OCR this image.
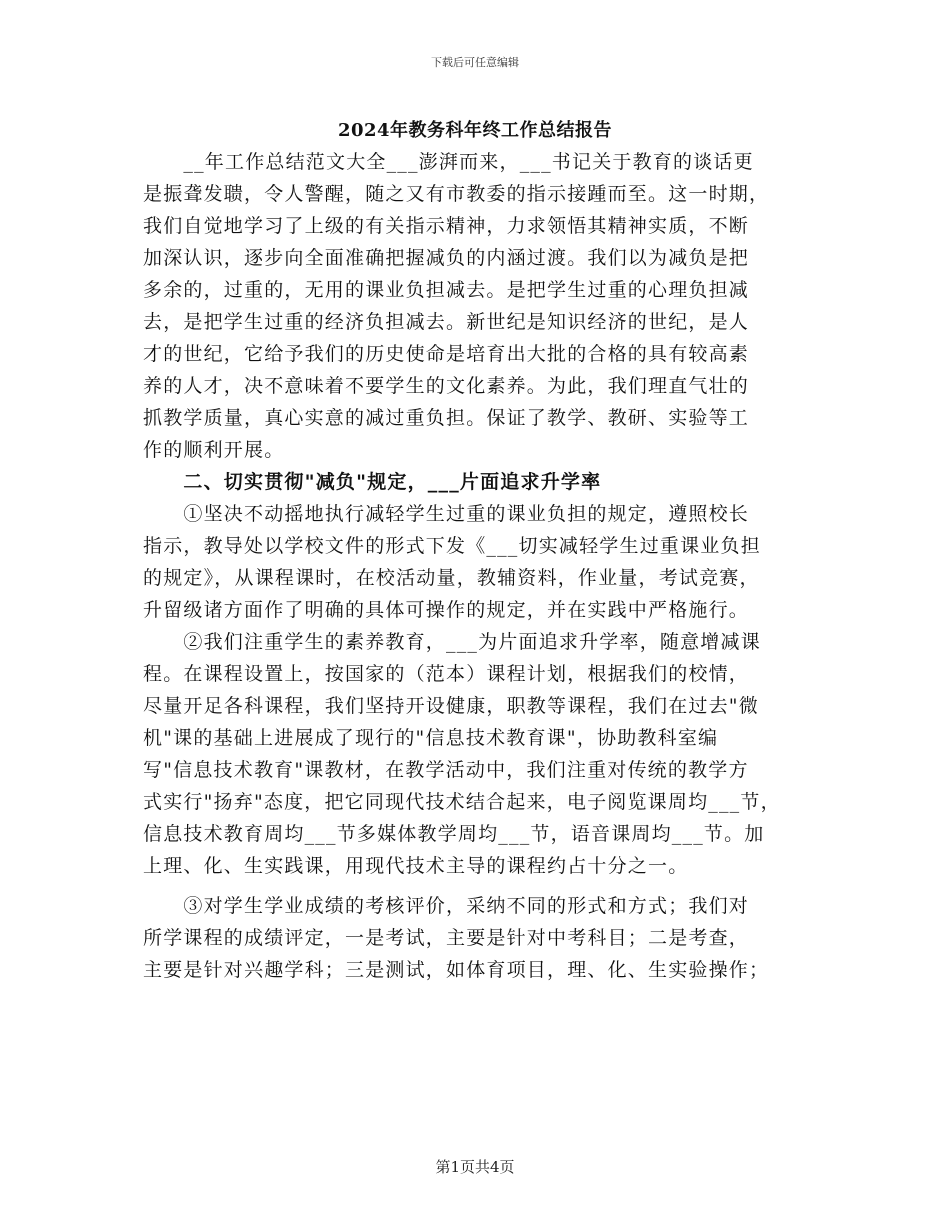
下载后可任意编辑
2024年教务科年终工作总结报告
　　__年工作总结范文大全___澎湃而来，___书记关于教育的谈话更
是振聋发聩，令人警醒，随之又有市教委的指示接踵而至。这一时期，
我们自觉地学习了上级的有关指示精神，力求领悟其精神实质，不断
加深认识，逐步向全面准确把握减负的内涵过渡。我们以为减负是把
多余的，过重的，无用的课业负担减去。是把学生过重的心理负担减
去，是把学生过重的经济负担减去。新世纪是知识经济的世纪，是人
才的世纪，它给予我们的历史使命是培育出大批的合格的具有较高素
养的人才，决不意味着不要学生的文化素养。为此，我们理直气壮的
抓教学质量，真心实意的减过重负担。保证了教学、教研、实验等工
作的顺利开展。
　　二、切实贯彻"减负"规定，___片面追求升学率
　　①坚决不动摇地执行减轻学生过重的课业负担的规定，遵照校长
指示，教导处以学校文件的形式下发《___切实减轻学生过重课业负担
的规定》，从课程课时，在校活动量，教辅资料，作业量，考试竞赛，
升留级诸方面作了明确的具体可操作的规定，并在实践中严格施行。
　　②我们注重学生的素养教育，___为片面追求升学率，随意增减课
程。在课程设置上，按国家的（范本）课程计划，根据我们的校情，
尽量开足各科课程，我们坚持开设健康，职教等课程，我们在过去"微
机"课的基础上进展成了现行的"信息技术教育课"，协助教科室编
写"信息技术教育"课教材，在教学活动中，我们注重对传统的教学方
式实行"扬弃"态度，把它同现代技术结合起来，电子阅览课周均___节，
信息技术教育周均___节多媒体教学周均___节，语音课周均___节。加
上理、化、生实践课，用现代技术主导的课程约占十分之一。
　　③对学生学业成绩的考核评价，采纳不同的形式和方式；我们对
所学课程的成绩评定，一是考试，主要是针对中考科目；二是考查，
主要是针对兴趣学科；三是测试，如体育项目，理、化、生实验操作；
第1页共4页
